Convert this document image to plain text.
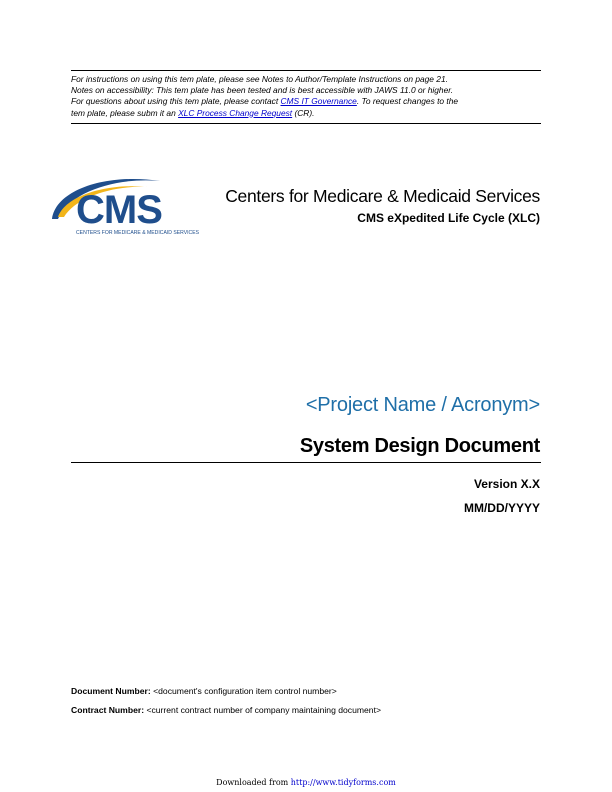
For instructions on using this tem plate, please see Notes to Author/Template Instructions on page 21.
Notes on accessibility: This tem plate has been tested and is best accessible with JAWS 11.0 or higher.
For questions about using this tem plate, please contact CMS IT Governance. To request changes to the
tem plate, please subm it an XLC Process Change Request (CR).
CMS
CENTERS FOR MEDICARE & MEDICAID SERVICES
Centers for Medicare & Medicaid Services
CMS eXpedited Life Cycle (XLC)
<Project Name / Acronym>
System Design Document
Version X.X
MM/DD/YYYY
Document Number: <document's configuration item control number>
Contract Number: <current contract number of company maintaining document>
Downloaded from http://www.tidyforms.com
